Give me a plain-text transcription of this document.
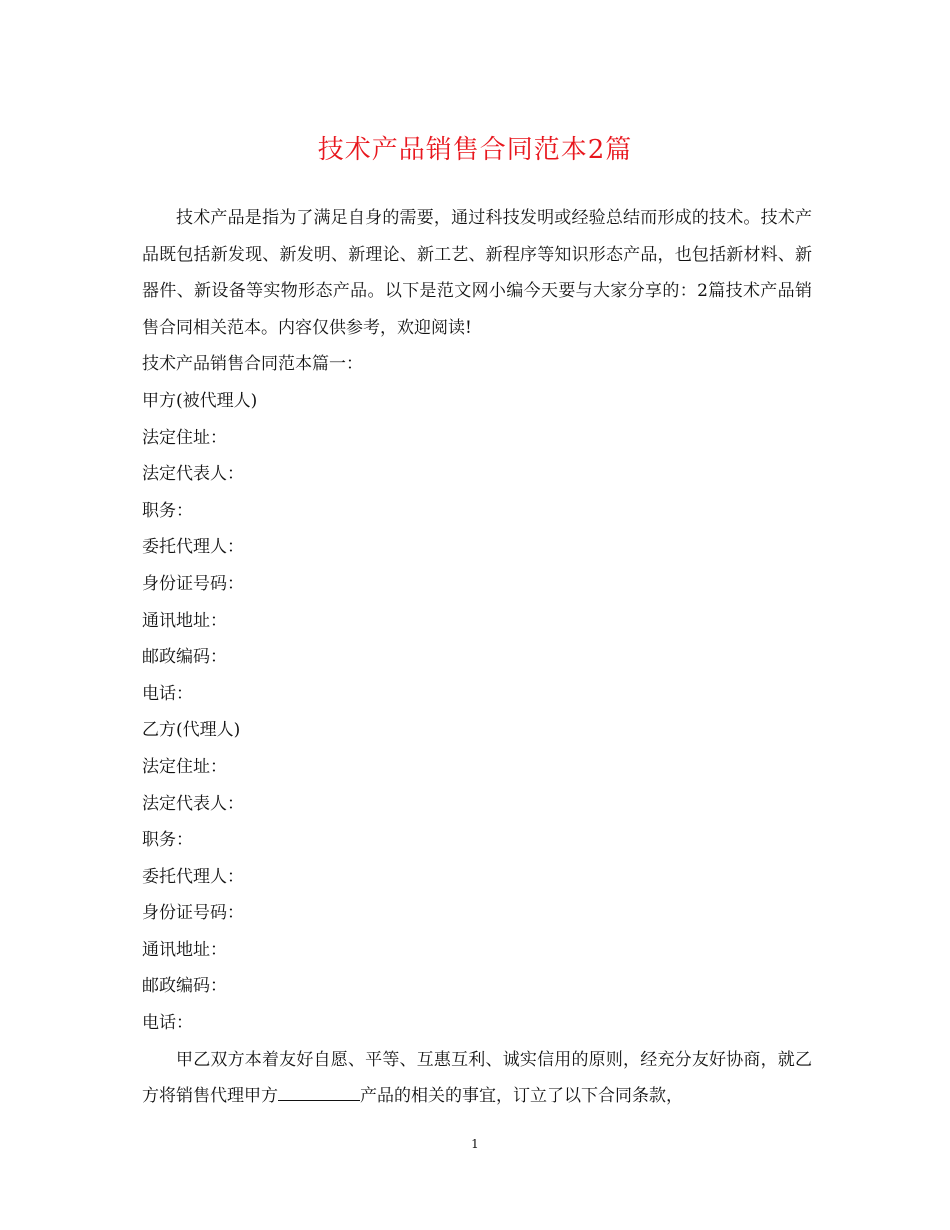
技术产品销售合同范本2篇

技术产品是指为了满足自身的需要，通过科技发明或经验总结而形成的技术。技术产品既包括新发现、新发明、新理论、新工艺、新程序等知识形态产品，也包括新材料、新器件、新设备等实物形态产品。以下是范文网小编今天要与大家分享的：2篇技术产品销售合同相关范本。内容仅供参考，欢迎阅读!

技术产品销售合同范本篇一：

甲方(被代理人)

法定住址：

法定代表人：

职务：

委托代理人：

身份证号码：

通讯地址：

邮政编码：

电话：

乙方(代理人)

法定住址：

法定代表人：

职务：

委托代理人：

身份证号码：

通讯地址：

邮政编码：

电话：

甲乙双方本着友好自愿、平等、互惠互利、诚实信用的原则，经充分友好协商，就乙方将销售代理甲方	产品的相关的事宜，订立了以下合同条款，

1
